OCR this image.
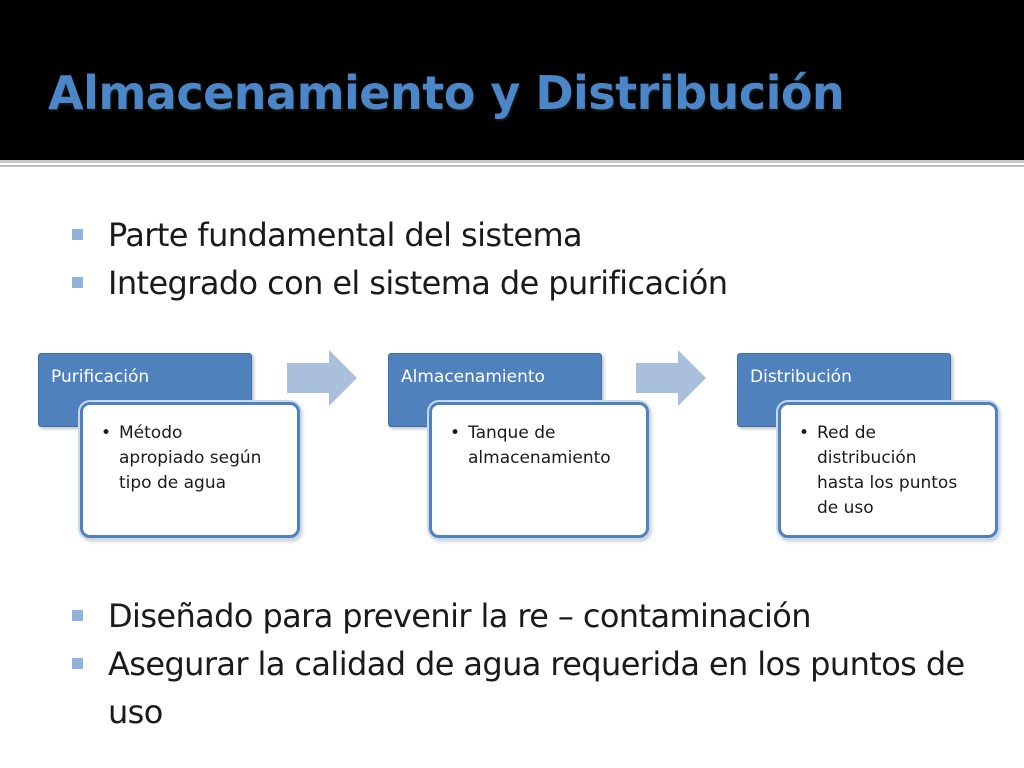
Almacenamiento y Distribución
Parte fundamental del sistema
Integrado con el sistema de purificación
Purificación
• Método
apropiado según
tipo de agua
Almacenamiento
• Tanque de
almacenamiento
Distribución
• Red de
distribución
hasta los puntos
de uso
Diseñado para prevenir la re – contaminación
Asegurar la calidad de agua requerida en los puntos de uso
